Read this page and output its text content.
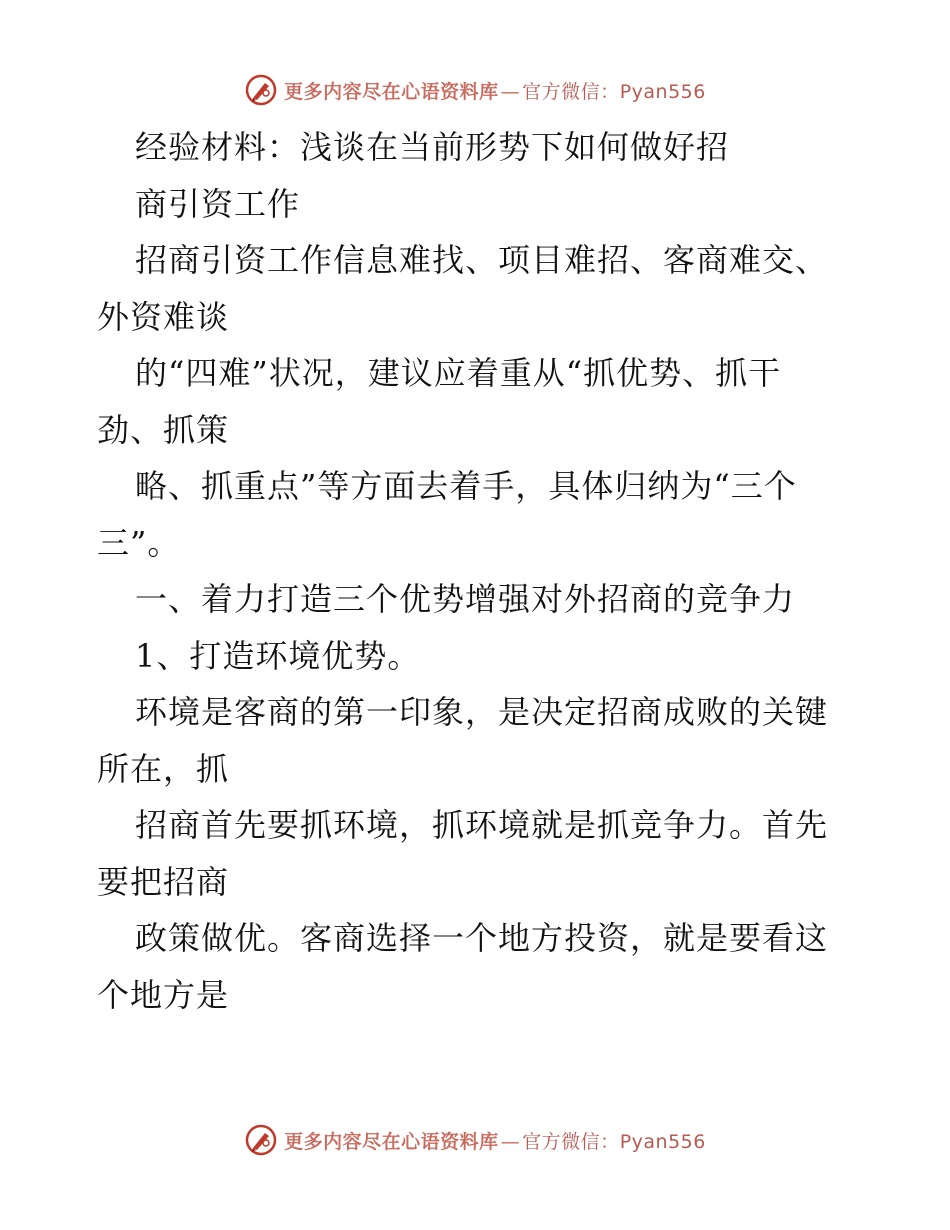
更多内容尽在心语资料库 — 官方微信：Pyan556
经验材料：浅谈在当前形势下如何做好招
商引资工作
招商引资工作信息难找、项目难招、客商难交、
外资难谈
的“四难”状况，建议应着重从“抓优势、抓干
劲、抓策
略、抓重点”等方面去着手，具体归纳为“三个
三”。
一、着力打造三个优势增强对外招商的竞争力
1、打造环境优势。
环境是客商的第一印象，是决定招商成败的关键
所在，抓
招商首先要抓环境，抓环境就是抓竞争力。首先
要把招商
政策做优。客商选择一个地方投资，就是要看这
个地方是
更多内容尽在心语资料库 — 官方微信：Pyan556
